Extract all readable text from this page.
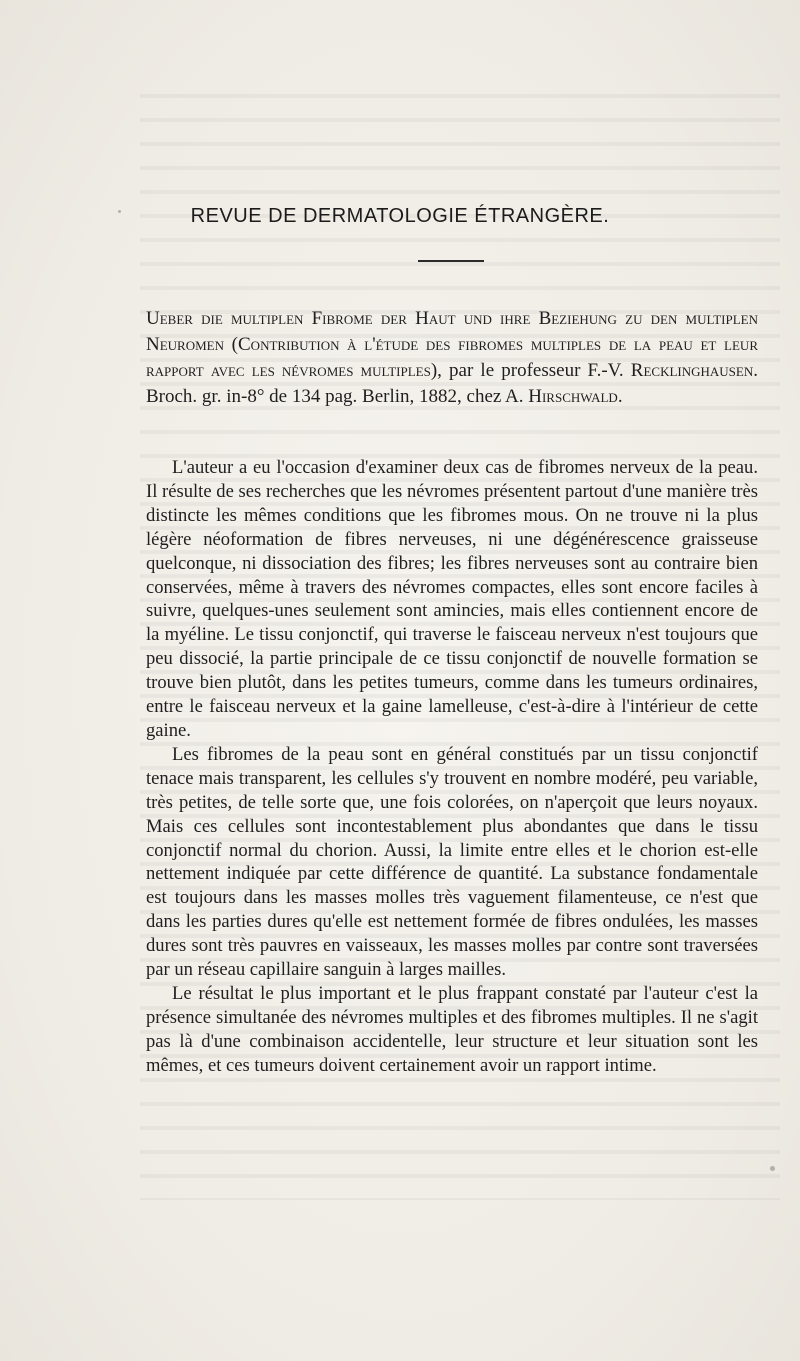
REVUE DE DERMATOLOGIE ÉTRANGÈRE.

Ueber die multiplen Fibrome der Haut und ihre Beziehung zu den multiplen Neuromen (Contribution à l'étude des fibromes multiples de la peau et leur rapport avec les névromes multiples), par le professeur F.-V. Recklinghausen. Broch. gr. in-8° de 134 pag. Berlin, 1882, chez A. Hirschwald.

L'auteur a eu l'occasion d'examiner deux cas de fibromes nerveux de la peau. Il résulte de ses recherches que les névromes présentent partout d'une manière très distincte les mêmes conditions que les fibromes mous. On ne trouve ni la plus légère néoformation de fibres nerveuses, ni une dégénérescence graisseuse quelconque, ni dissociation des fibres; les fibres nerveuses sont au contraire bien conservées, même à travers des névromes compactes, elles sont encore faciles à suivre, quelques-unes seulement sont amincies, mais elles contiennent encore de la myéline. Le tissu conjonctif, qui traverse le faisceau nerveux n'est toujours que peu dissocié, la partie principale de ce tissu conjonctif de nouvelle formation se trouve bien plutôt, dans les petites tumeurs, comme dans les tumeurs ordinaires, entre le faisceau nerveux et la gaine lamelleuse, c'est-à-dire à l'intérieur de cette gaine.

Les fibromes de la peau sont en général constitués par un tissu conjonctif tenace mais transparent, les cellules s'y trouvent en nombre modéré, peu variable, très petites, de telle sorte que, une fois colorées, on n'aperçoit que leurs noyaux. Mais ces cellules sont incontestablement plus abondantes que dans le tissu conjonctif normal du chorion. Aussi, la limite entre elles et le chorion est-elle nettement indiquée par cette différence de quantité. La substance fondamentale est toujours dans les masses molles très vaguement filamenteuse, ce n'est que dans les parties dures qu'elle est nettement formée de fibres ondulées, les masses dures sont très pauvres en vaisseaux, les masses molles par contre sont traversées par un réseau capillaire sanguin à larges mailles.

Le résultat le plus important et le plus frappant constaté par l'auteur c'est la présence simultanée des névromes multiples et des fibromes multiples. Il ne s'agit pas là d'une combinaison accidentelle, leur structure et leur situation sont les mêmes, et ces tumeurs doivent certainement avoir un rapport intime.
